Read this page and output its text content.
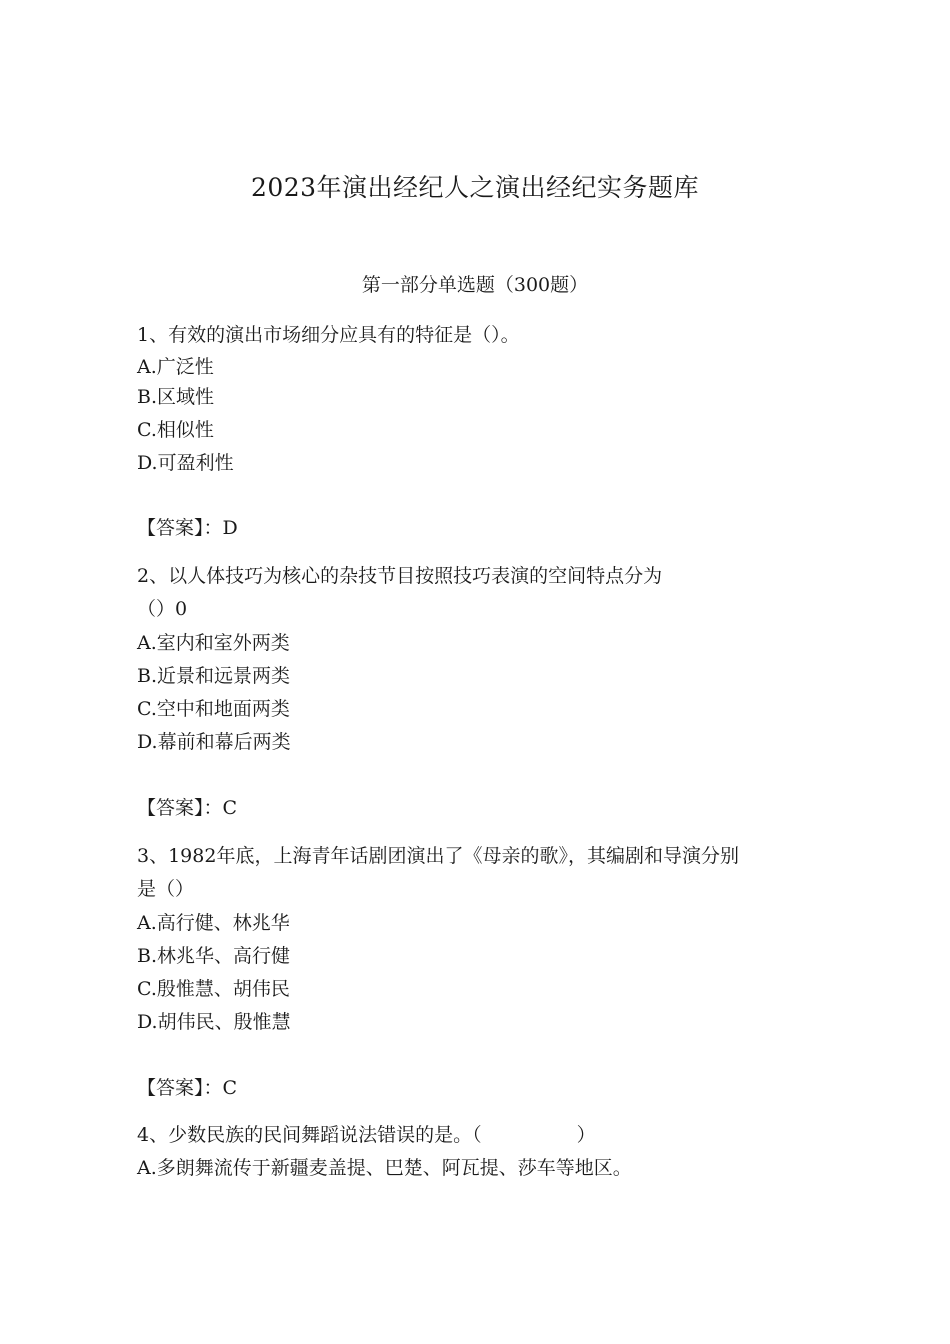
2023年演出经纪人之演出经纪实务题库
第一部分单选题（300题）
1、有效的演出市场细分应具有的特征是（）。
A.广泛性
B.区域性
C.相似性
D.可盈利性
【答案】：D
2、以人体技巧为核心的杂技节目按照技巧表演的空间特点分为
（）0
A.室内和室外两类
B.近景和远景两类
C.空中和地面两类
D.幕前和幕后两类
【答案】：C
3、1982年底，上海青年话剧团演出了《母亲的歌》，其编剧和导演分别
是（）
A.高行健、林兆华
B.林兆华、高行健
C.殷惟慧、胡伟民
D.胡伟民、殷惟慧
【答案】：C
4、少数民族的民间舞蹈说法错误的是。（　　　　　）
A.多朗舞流传于新疆麦盖提、巴楚、阿瓦提、莎车等地区。
